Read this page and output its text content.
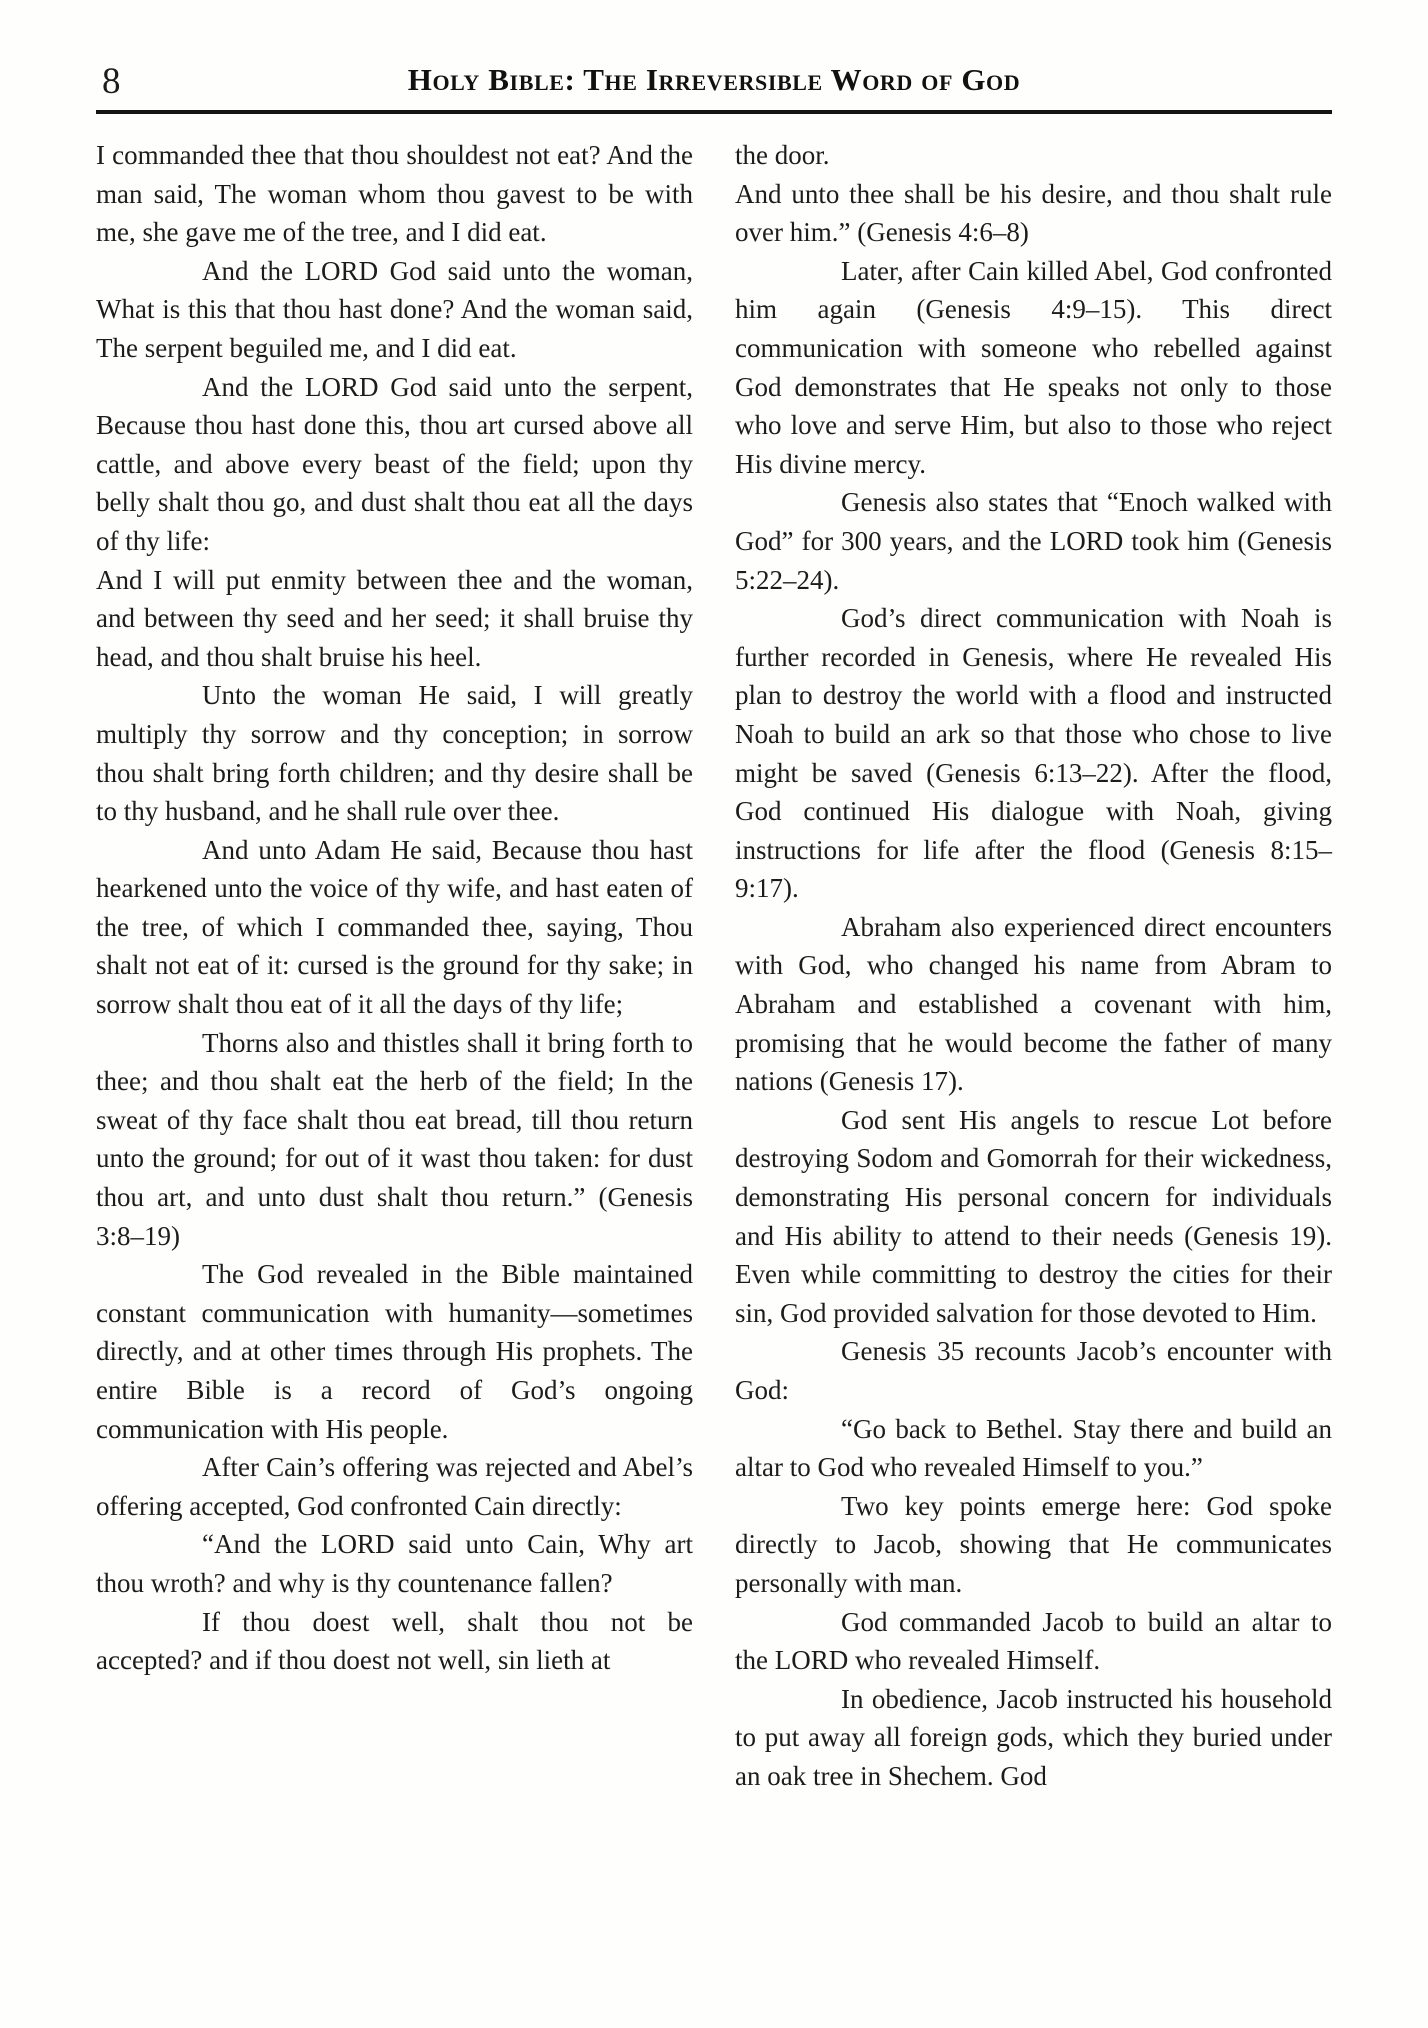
8	Holy Bible: The Irreversible Word of God

I commanded thee that thou shouldest not eat? And the man said, The woman whom thou gavest to be with me, she gave me of the tree, and I did eat.

And the LORD God said unto the woman, What is this that thou hast done? And the woman said, The serpent beguiled me, and I did eat.

And the LORD God said unto the serpent, Because thou hast done this, thou art cursed above all cattle, and above every beast of the field; upon thy belly shalt thou go, and dust shalt thou eat all the days of thy life:

And I will put enmity between thee and the woman, and between thy seed and her seed; it shall bruise thy head, and thou shalt bruise his heel.

Unto the woman He said, I will greatly multiply thy sorrow and thy conception; in sorrow thou shalt bring forth children; and thy desire shall be to thy husband, and he shall rule over thee.

And unto Adam He said, Because thou hast hearkened unto the voice of thy wife, and hast eaten of the tree, of which I commanded thee, saying, Thou shalt not eat of it: cursed is the ground for thy sake; in sorrow shalt thou eat of it all the days of thy life;

Thorns also and thistles shall it bring forth to thee; and thou shalt eat the herb of the field; In the sweat of thy face shalt thou eat bread, till thou return unto the ground; for out of it wast thou taken: for dust thou art, and unto dust shalt thou return.” (Genesis 3:8–19)

The God revealed in the Bible maintained constant communication with humanity—sometimes directly, and at other times through His prophets. The entire Bible is a record of God’s ongoing communication with His people.

After Cain’s offering was rejected and Abel’s offering accepted, God confronted Cain directly:

“And the LORD said unto Cain, Why art thou wroth? and why is thy countenance fallen?

If thou doest well, shalt thou not be accepted? and if thou doest not well, sin lieth at

the door.

And unto thee shall be his desire, and thou shalt rule over him.” (Genesis 4:6–8)

Later, after Cain killed Abel, God confronted him again (Genesis 4:9–15). This direct communication with someone who rebelled against God demonstrates that He speaks not only to those who love and serve Him, but also to those who reject His divine mercy.

Genesis also states that “Enoch walked with God” for 300 years, and the LORD took him (Genesis 5:22–24).

God’s direct communication with Noah is further recorded in Genesis, where He revealed His plan to destroy the world with a flood and instructed Noah to build an ark so that those who chose to live might be saved (Genesis 6:13–22). After the flood, God continued His dialogue with Noah, giving instructions for life after the flood (Genesis 8:15–9:17).

Abraham also experienced direct encounters with God, who changed his name from Abram to Abraham and established a covenant with him, promising that he would become the father of many nations (Genesis 17).

God sent His angels to rescue Lot before destroying Sodom and Gomorrah for their wickedness, demonstrating His personal concern for individuals and His ability to attend to their needs (Genesis 19). Even while committing to destroy the cities for their sin, God provided salvation for those devoted to Him.

Genesis 35 recounts Jacob’s encounter with God:

“Go back to Bethel. Stay there and build an altar to God who revealed Himself to you.”

Two key points emerge here: God spoke directly to Jacob, showing that He communicates personally with man.

God commanded Jacob to build an altar to the LORD who revealed Himself.

In obedience, Jacob instructed his household to put away all foreign gods, which they buried under an oak tree in Shechem. God
